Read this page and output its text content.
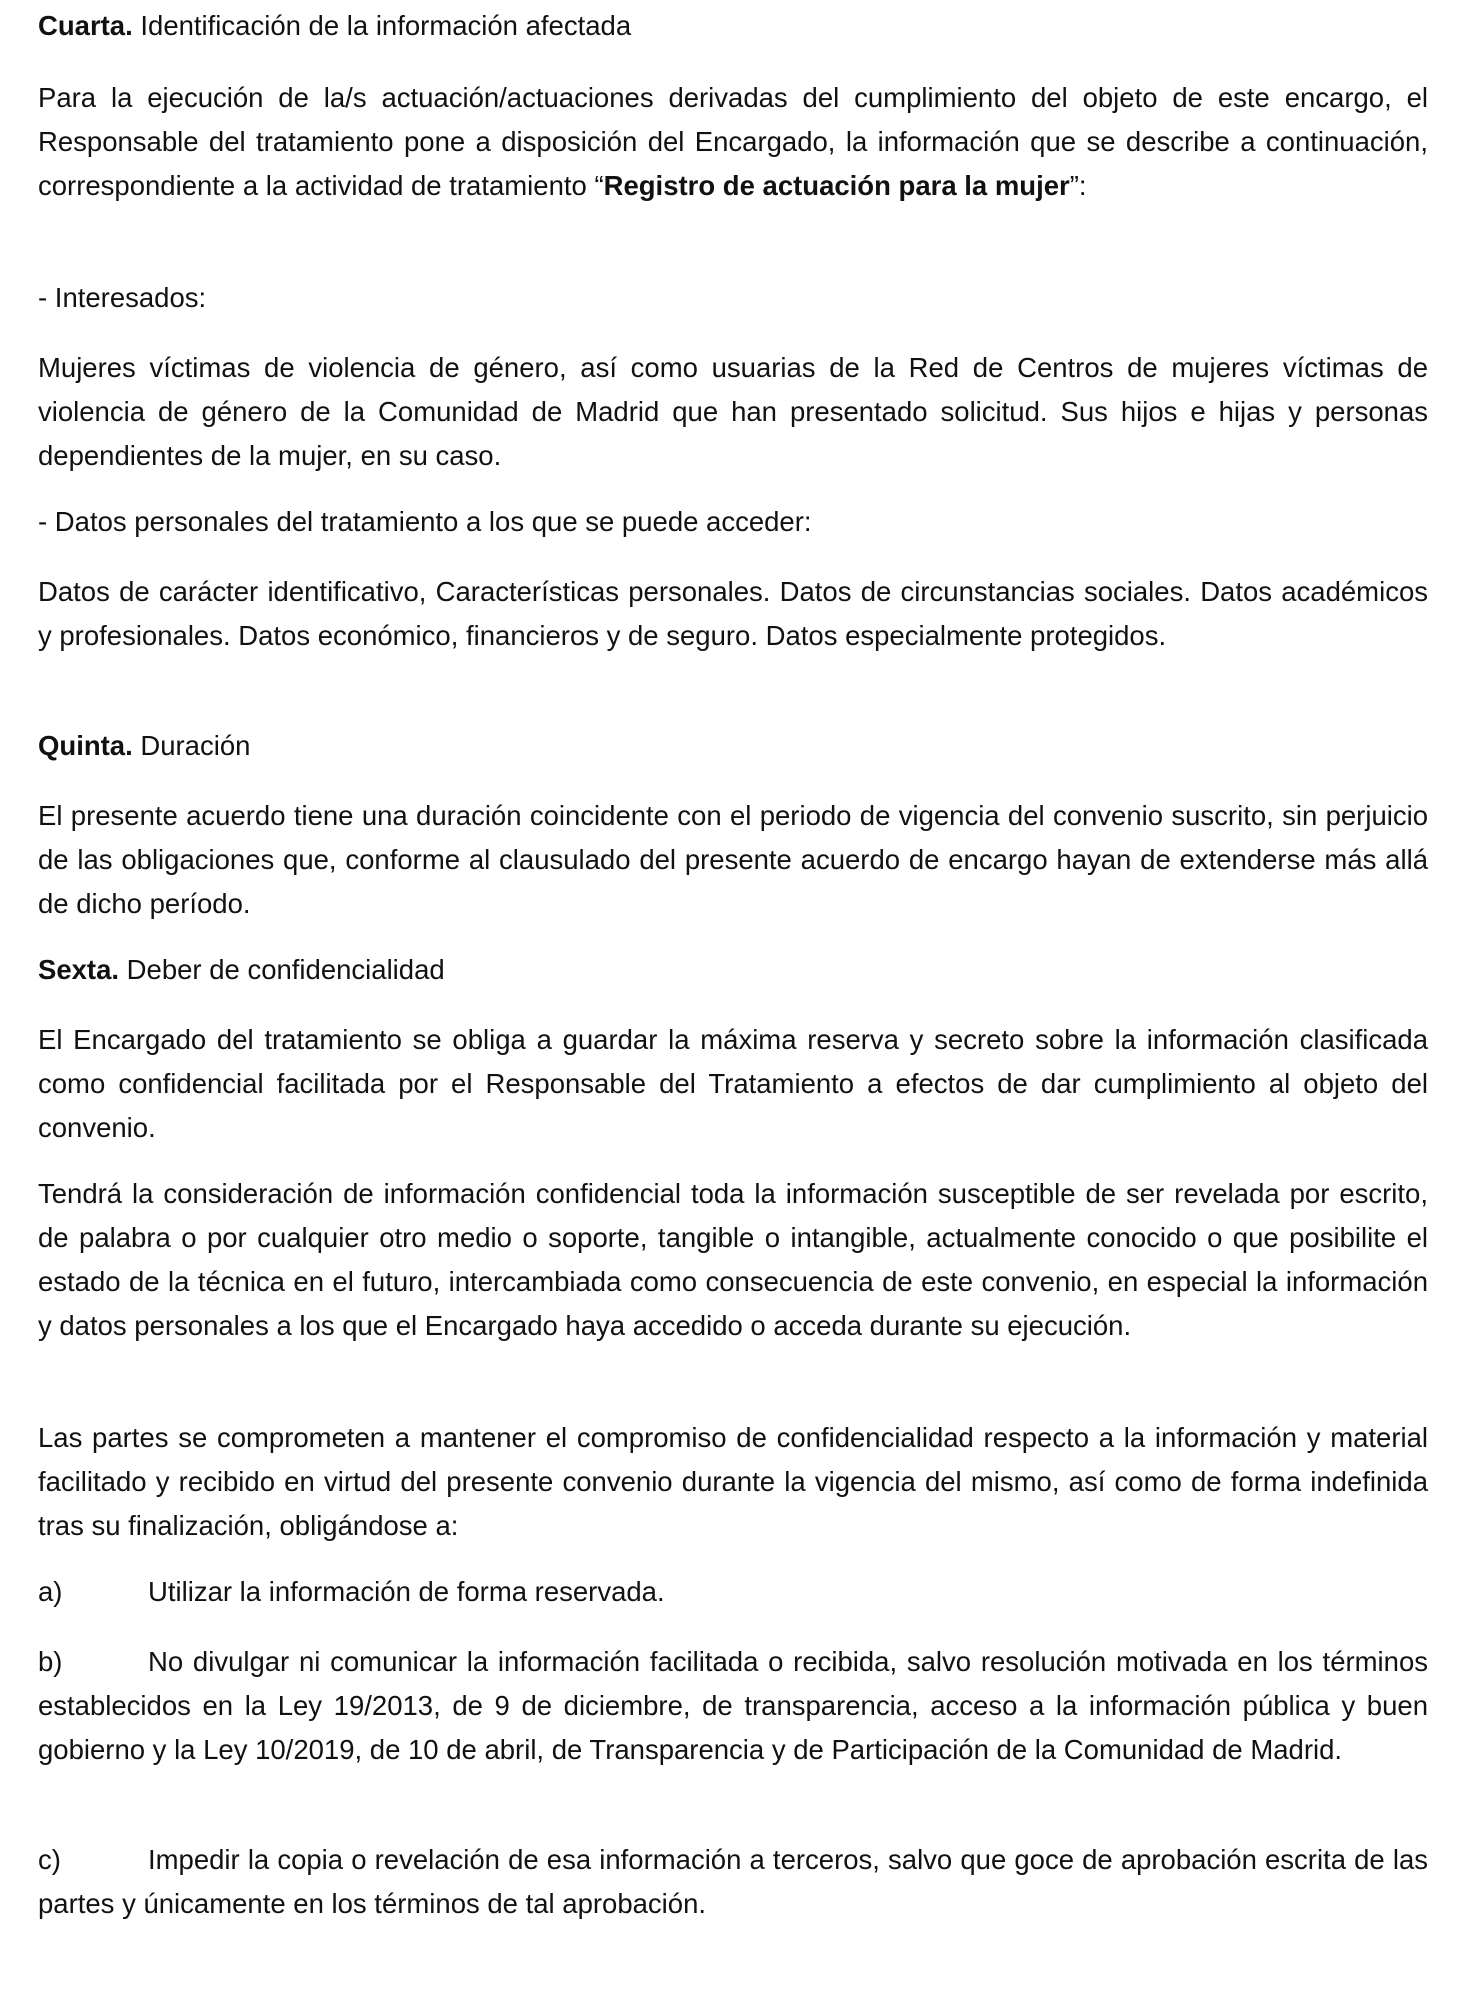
Cuarta. Identificación de la información afectada

Para la ejecución de la/s actuación/actuaciones derivadas del cumplimiento del objeto de este encargo, el Responsable del tratamiento pone a disposición del Encargado, la información que se describe a continuación, correspondiente a la actividad de tratamiento “Registro de actuación para la mujer”:

- Interesados:

Mujeres víctimas de violencia de género, así como usuarias de la Red de Centros de mujeres víctimas de violencia de género de la Comunidad de Madrid que han presentado solicitud. Sus hijos e hijas y personas dependientes de la mujer, en su caso.

- Datos personales del tratamiento a los que se puede acceder:

Datos de carácter identificativo, Características personales. Datos de circunstancias sociales. Datos académicos y profesionales. Datos económico, financieros y de seguro. Datos especialmente protegidos.

Quinta. Duración

El presente acuerdo tiene una duración coincidente con el periodo de vigencia del convenio suscrito, sin perjuicio de las obligaciones que, conforme al clausulado del presente acuerdo de encargo hayan de extenderse más allá de dicho período.

Sexta. Deber de confidencialidad

El Encargado del tratamiento se obliga a guardar la máxima reserva y secreto sobre la información clasificada como confidencial facilitada por el Responsable del Tratamiento a efectos de dar cumplimiento al objeto del convenio.

Tendrá la consideración de información confidencial toda la información susceptible de ser revelada por escrito, de palabra o por cualquier otro medio o soporte, tangible o intangible, actualmente conocido o que posibilite el estado de la técnica en el futuro, intercambiada como consecuencia de este convenio, en especial la información y datos personales a los que el Encargado haya accedido o acceda durante su ejecución.

Las partes se comprometen a mantener el compromiso de confidencialidad respecto a la información y material facilitado y recibido en virtud del presente convenio durante la vigencia del mismo, así como de forma indefinida tras su finalización, obligándose a:

a)	Utilizar la información de forma reservada.

b)	No divulgar ni comunicar la información facilitada o recibida, salvo resolución motivada en los términos establecidos en la Ley 19/2013, de 9 de diciembre, de transparencia, acceso a la información pública y buen gobierno y la Ley 10/2019, de 10 de abril, de Transparencia y de Participación de la Comunidad de Madrid.

c)	Impedir la copia o revelación de esa información a terceros, salvo que goce de aprobación escrita de las partes y únicamente en los términos de tal aprobación.
